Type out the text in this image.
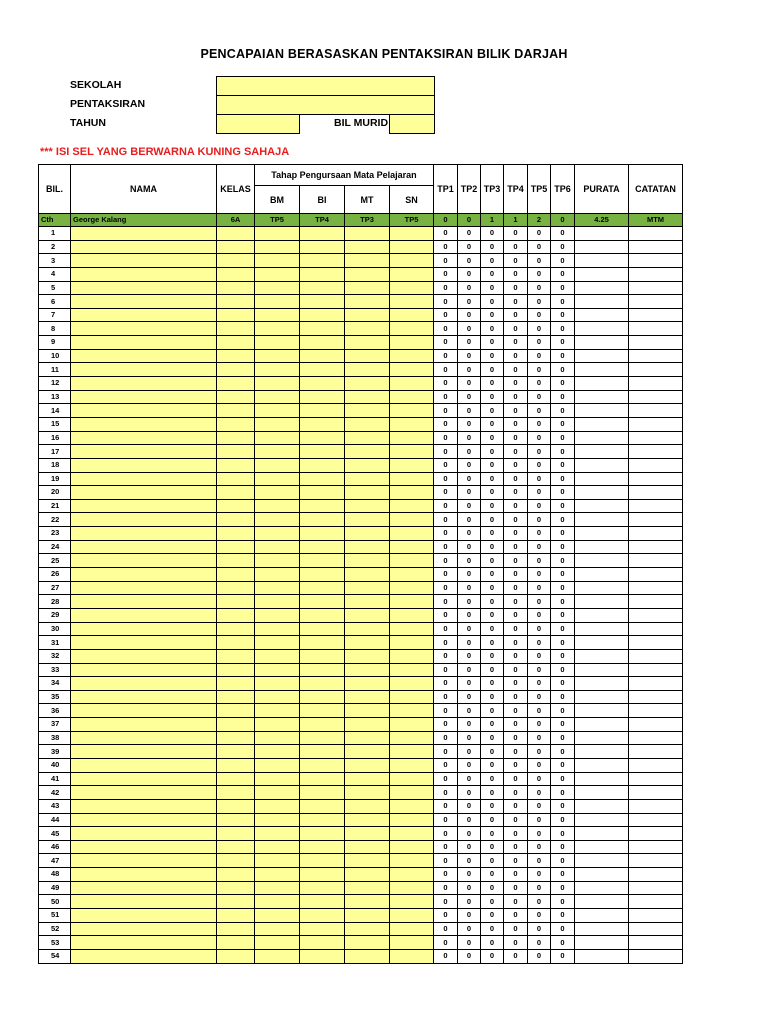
PENCAPAIAN BERASASKAN PENTAKSIRAN BILIK DARJAH
SEKOLAH
PENTAKSIRAN
TAHUN	BIL MURID
*** ISI SEL YANG BERWARNA KUNING SAHAJA
BIL.	NAMA	KELAS	Tahap Pengursaan Mata Pelajaran				TP1	TP2	TP3	TP4	TP5	TP6	PURATA	CATATAN
			BM	BI	MT	SN								
Cth	George Kalang	6A	TP5	TP4	TP3	TP5	0	0	1	1	2	0	4.25	MTM
1							0	0	0	0	0	0		
2							0	0	0	0	0	0		
3							0	0	0	0	0	0		
4							0	0	0	0	0	0		
5							0	0	0	0	0	0		
6							0	0	0	0	0	0		
7							0	0	0	0	0	0		
8							0	0	0	0	0	0		
9							0	0	0	0	0	0		
10							0	0	0	0	0	0		
11							0	0	0	0	0	0		
12							0	0	0	0	0	0		
13							0	0	0	0	0	0		
14							0	0	0	0	0	0		
15							0	0	0	0	0	0		
16							0	0	0	0	0	0		
17							0	0	0	0	0	0		
18							0	0	0	0	0	0		
19							0	0	0	0	0	0		
20							0	0	0	0	0	0		
21							0	0	0	0	0	0		
22							0	0	0	0	0	0		
23							0	0	0	0	0	0		
24							0	0	0	0	0	0		
25							0	0	0	0	0	0		
26							0	0	0	0	0	0		
27							0	0	0	0	0	0		
28							0	0	0	0	0	0		
29							0	0	0	0	0	0		
30							0	0	0	0	0	0		
31							0	0	0	0	0	0		
32							0	0	0	0	0	0		
33							0	0	0	0	0	0		
34							0	0	0	0	0	0		
35							0	0	0	0	0	0		
36							0	0	0	0	0	0		
37							0	0	0	0	0	0		
38							0	0	0	0	0	0		
39							0	0	0	0	0	0		
40							0	0	0	0	0	0		
41							0	0	0	0	0	0		
42							0	0	0	0	0	0		
43							0	0	0	0	0	0		
44							0	0	0	0	0	0		
45							0	0	0	0	0	0		
46							0	0	0	0	0	0		
47							0	0	0	0	0	0		
48							0	0	0	0	0	0		
49							0	0	0	0	0	0		
50							0	0	0	0	0	0		
51							0	0	0	0	0	0		
52							0	0	0	0	0	0		
53							0	0	0	0	0	0		
54							0	0	0	0	0	0		
